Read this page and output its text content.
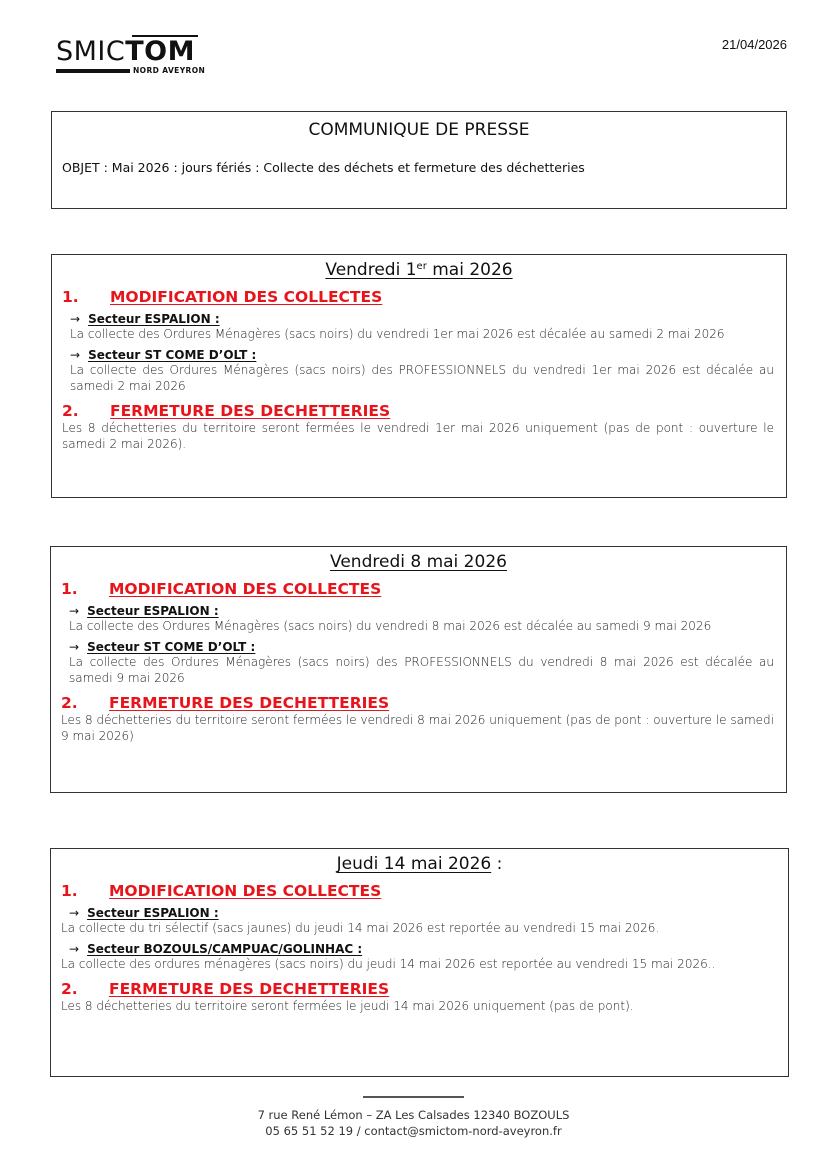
SMICTOM
NORD AVEYRON
21/04/2026
COMMUNIQUE DE PRESSE
OBJET : Mai 2026 : jours fériés : Collecte des déchets et fermeture des déchetteries
Vendredi 1er mai 2026
1. MODIFICATION DES COLLECTES
→ Secteur ESPALION :
La collecte des Ordures Ménagères (sacs noirs) du vendredi 1er mai 2026 est décalée au samedi 2 mai 2026
→ Secteur ST COME D’OLT :
La collecte des Ordures Ménagères (sacs noirs) des PROFESSIONNELS du vendredi 1er mai 2026 est décalée au samedi 2 mai 2026
2. FERMETURE DES DECHETTERIES
Les 8 déchetteries du territoire seront fermées le vendredi 1er mai 2026 uniquement (pas de pont : ouverture le samedi 2 mai 2026).
Vendredi 8 mai 2026
1. MODIFICATION DES COLLECTES
→ Secteur ESPALION :
La collecte des Ordures Ménagères (sacs noirs) du vendredi 8 mai 2026 est décalée au samedi 9 mai 2026
→ Secteur ST COME D’OLT :
La collecte des Ordures Ménagères (sacs noirs) des PROFESSIONNELS du vendredi 8 mai 2026 est décalée au samedi 9 mai 2026
2. FERMETURE DES DECHETTERIES
Les 8 déchetteries du territoire seront fermées le vendredi 8 mai 2026 uniquement (pas de pont : ouverture le samedi 9 mai 2026)
Jeudi 14 mai 2026 :
1. MODIFICATION DES COLLECTES
→ Secteur ESPALION :
La collecte du tri sélectif (sacs jaunes) du jeudi 14 mai 2026 est reportée au vendredi 15 mai 2026.
→ Secteur BOZOULS/CAMPUAC/GOLINHAC :
La collecte des ordures ménagères (sacs noirs) du jeudi 14 mai 2026 est reportée au vendredi 15 mai 2026..
2. FERMETURE DES DECHETTERIES
Les 8 déchetteries du territoire seront fermées le jeudi 14 mai 2026 uniquement (pas de pont).
7 rue René Lémon – ZA Les Calsades 12340 BOZOULS
05 65 51 52 19 / contact@smictom-nord-aveyron.fr
